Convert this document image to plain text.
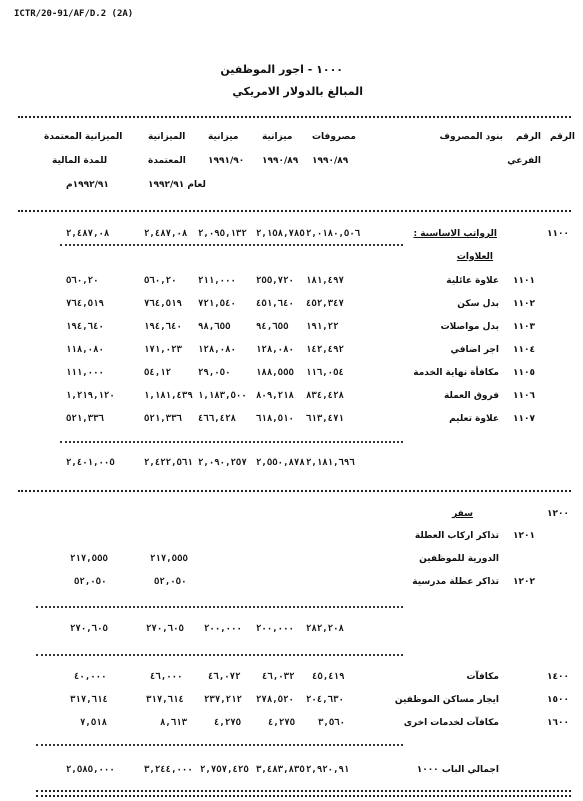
ICTR/20-91/AF/D.2 (2A)
١٠٠٠ - اجور الموظفين
المبالغ بالدولار الامريكي
الرقم
الرقم
الفرعي
بنود المصروف
مصروفات
١٩٩٠/٨٩
ميزانية
١٩٩٠/٨٩
ميزانية
١٩٩١/٩٠
الميزانية
المعتمدة
لعام ١٩٩٢/٩١
الميزانية المعتمدة
للمدة المالية
١٩٩٢/٩١م
١١٠٠
الرواتب الاساسية :
٢,٠١٨٠,٥٠٦
٢,١٥٨,٧٨٥
٢,٠٩٥,١٣٢
٢,٤٨٧,٠٨
٢,٤٨٧,٠٨
العلاوات
١١٠١
علاوة عائلية
١٨١,٤٩٧
٢٥٥,٧٢٠
٢١١,٠٠٠
٥٦٠,٢٠
٥٦٠,٢٠
١١٠٢
بدل سكن
٤٥٢,٣٤٧
٤٥١,٦٤٠
٧٢١,٥٤٠
٧٦٤,٥١٩
٧٦٤,٥١٩
١١٠٣
بدل مواصلات
١٩١,٢٢
٩٤,٦٥٥
٩٨,٦٥٥
١٩٤,٦٤٠
١٩٤,٦٤٠
١١٠٤
اجر اضافي
١٤٢,٤٩٢
١٢٨,٠٨٠
١٢٨,٠٨٠
١٧١,٠٢٣
١١٨,٠٨٠
١١٠٥
مكافأة نهاية الخدمة
١١٦,٠٥٤
١٨٨,٥٥٥
٢٩,٠٥٠
٥٤,١٢
١١١,٠٠٠
١١٠٦
فروق العملة
٨٣٤,٤٢٨
٨٠٩,٢١٨
١,١٨٣,٥٠٠
١,١٨١,٤٣٩
١,٢١٩,١٢٠
١١٠٧
علاوة تعليم
٦١٣,٤٧١
٦١٨,٥١٠
٤٦٦,٤٢٨
٥٢١,٣٣٦
٥٢١,٣٣٦
٢,١٨١,٦٩٦
٢,٥٥٠,٨٧٨
٢,٠٩٠,٢٥٧
٢,٤٢٢,٥٦١
٢,٤٠١,٠٠٥
١٢٠٠
سفر
١٢٠١
تذاكر اركاب العطلة
الدورية للموظفين
٢١٧,٥٥٥
٢١٧,٥٥٥
١٢٠٢
تذاكر عطلة مدرسية
٥٢,٠٥٠
٥٢,٠٥٠
٢٨٢,٢٠٨
٢٠٠,٠٠٠
٢٠٠,٠٠٠
٢٧٠,٦٠٥
٢٧٠,٦٠٥
١٤٠٠
مكافآت
٤٥,٤١٩
٤٦,٠٣٢
٤٦,٠٧٢
٤٦,٠٠٠
٤٠,٠٠٠
١٥٠٠
ايجار مساكن الموظفين
٢٠٤,٦٣٠
٢٧٨,٥٢٠
٢٣٧,٢١٢
٣١٧,٦١٤
٣١٧,٦١٤
١٦٠٠
مكافآت لخدمات اخرى
٣,٥٦٠
٤,٢٧٥
٤,٢٧٥
٨,٦١٣
٧,٥١٨
اجمالي الباب ١٠٠٠
٢,٩٢٠,٩١
٣,٤٨٣,٨٣٥
٢,٧٥٧,٤٢٥
٣,٢٤٤,٠٠٠
٢,٥٨٥,٠٠٠
